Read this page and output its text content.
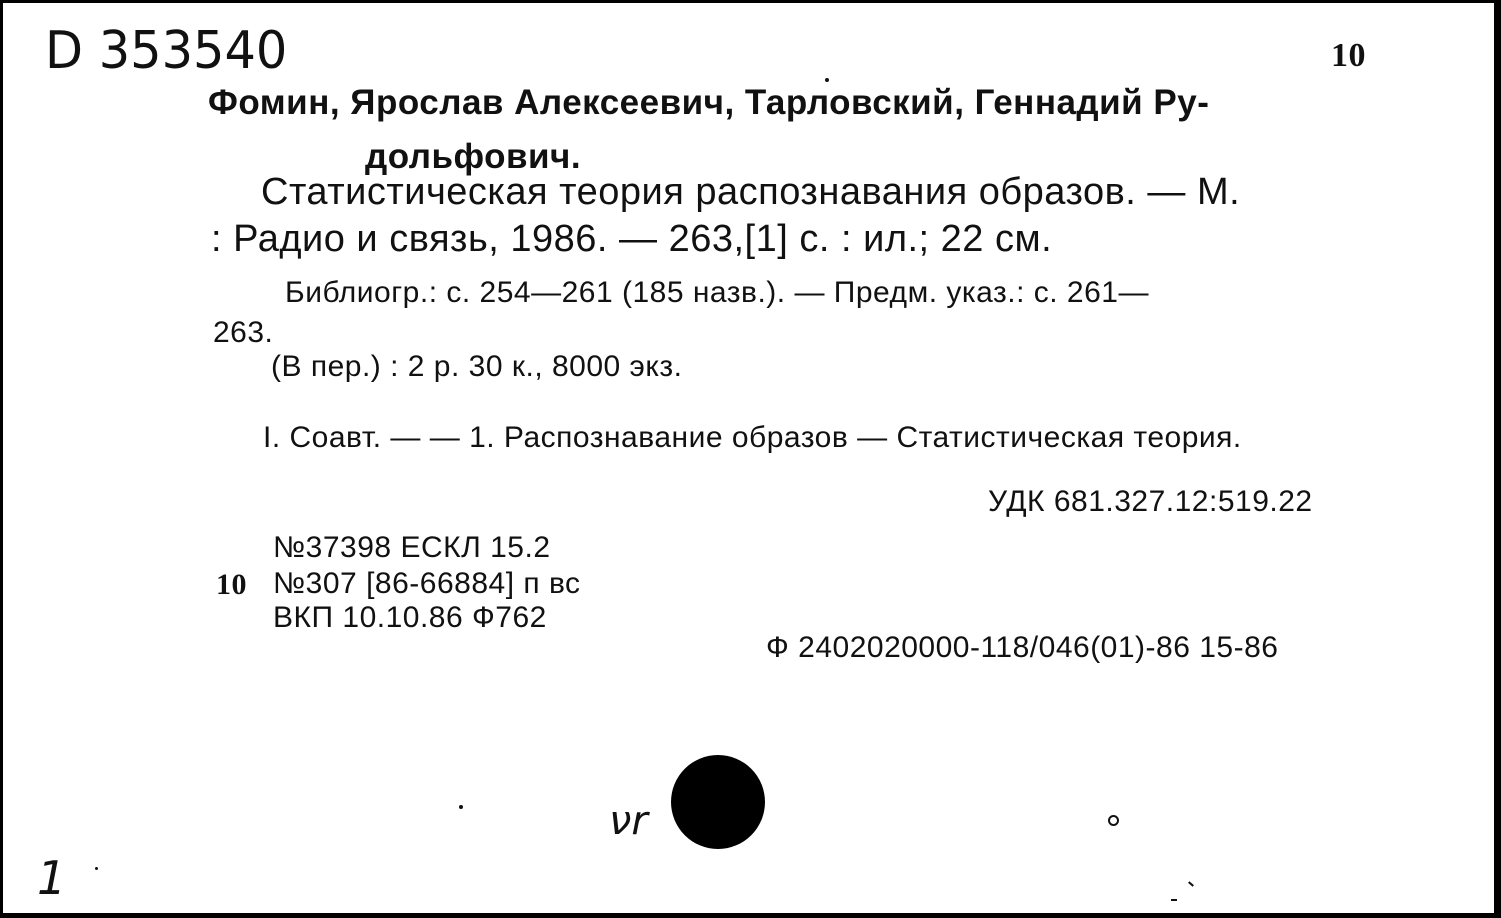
D 353540	10
Фомин, Ярослав Алексеевич, Тарловский, Геннадий Ру-
дольфович.
Статистическая теория распознавания образов. — М.
: Радио и связь, 1986. — 263,[1] с. : ил.; 22 см.
Библиогр.: с. 254—261 (185 назв.). — Предм. указ.: с. 261—
263.
(В пер.) : 2 р. 30 к., 8000 экз.
I. Соавт. — — 1. Распознавание образов — Статистическая теория.
УДК 681.327.12:519.22
№37398 ЕСКЛ 15.2
10 №307 [86-66884] п вс
ВКП 10.10.86 Ф762
Ф 2402020000-118/046(01)-86 15-86
νr
1
